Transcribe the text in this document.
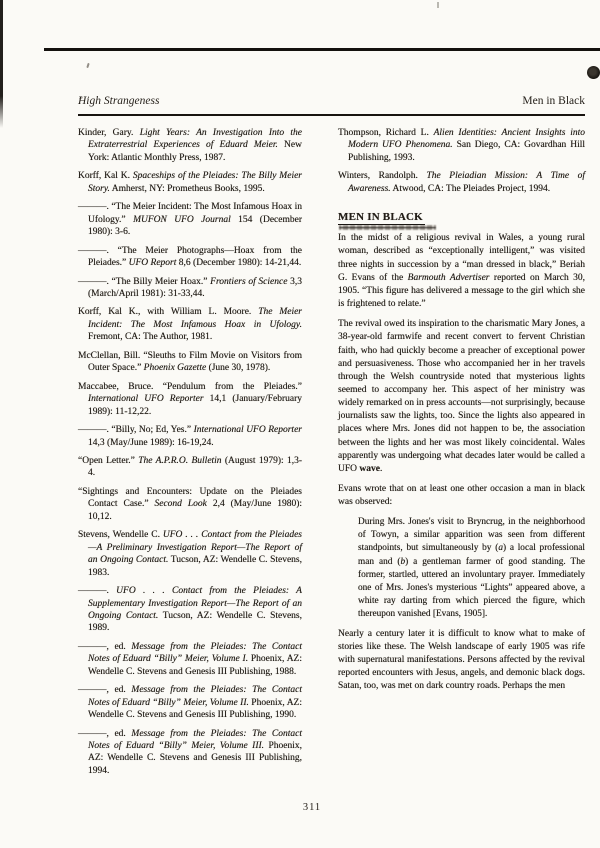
High Strangeness	Men in Black

Kinder, Gary. Light Years: An Investigation Into the Extraterrestrial Experiences of Eduard Meier. New York: Atlantic Monthly Press, 1987.

Korff, Kal K. Spaceships of the Pleiades: The Billy Meier Story. Amherst, NY: Prometheus Books, 1995.

———. “The Meier Incident: The Most Infamous Hoax in Ufology.” MUFON UFO Journal 154 (December 1980): 3-6.

———. “The Meier Photographs—Hoax from the Pleiades.” UFO Report 8,6 (December 1980): 14-21,44.

———. “The Billy Meier Hoax.” Frontiers of Science 3,3 (March/April 1981): 31-33,44.

Korff, Kal K., with William L. Moore. The Meier Incident: The Most Infamous Hoax in Ufology. Fremont, CA: The Author, 1981.

McClellan, Bill. “Sleuths to Film Movie on Visitors from Outer Space.” Phoenix Gazette (June 30, 1978).

Maccabee, Bruce. “Pendulum from the Pleiades.” International UFO Reporter 14,1 (January/February 1989): 11-12,22.

———. “Billy, No; Ed, Yes.” International UFO Reporter 14,3 (May/June 1989): 16-19,24.

“Open Letter.” The A.P.R.O. Bulletin (August 1979): 1,3-4.

“Sightings and Encounters: Update on the Pleiades Contact Case.” Second Look 2,4 (May/June 1980): 10,12.

Stevens, Wendelle C. UFO . . . Contact from the Pleiades—A Preliminary Investigation Report—The Report of an Ongoing Contact. Tucson, AZ: Wendelle C. Stevens, 1983.

———. UFO . . . Contact from the Pleiades: A Supplementary Investigation Report—The Report of an Ongoing Contact. Tucson, AZ: Wendelle C. Stevens, 1989.

———, ed. Message from the Pleiades: The Contact Notes of Eduard “Billy” Meier, Volume I. Phoenix, AZ: Wendelle C. Stevens and Genesis III Publishing, 1988.

———, ed. Message from the Pleiades: The Contact Notes of Eduard “Billy” Meier, Volume II. Phoenix, AZ: Wendelle C. Stevens and Genesis III Publishing, 1990.

———, ed. Message from the Pleiades: The Contact Notes of Eduard “Billy” Meier, Volume III. Phoenix, AZ: Wendelle C. Stevens and Genesis III Publishing, 1994.

Thompson, Richard L. Alien Identities: Ancient Insights into Modern UFO Phenomena. San Diego, CA: Govardhan Hill Publishing, 1993.

Winters, Randolph. The Pleiadian Mission: A Time of Awareness. Atwood, CA: The Pleiades Project, 1994.

MEN IN BLACK

In the midst of a religious revival in Wales, a young rural woman, described as “exceptionally intelligent,” was visited three nights in succession by a “man dressed in black,” Beriah G. Evans of the Barmouth Advertiser reported on March 30, 1905. “This figure has delivered a message to the girl which she is frightened to relate.”

The revival owed its inspiration to the charismatic Mary Jones, a 38-year-old farmwife and recent convert to fervent Christian faith, who had quickly become a preacher of exceptional power and persuasiveness. Those who accompanied her in her travels through the Welsh countryside noted that mysterious lights seemed to accompany her. This aspect of her ministry was widely remarked on in press accounts—not surprisingly, because journalists saw the lights, too. Since the lights also appeared in places where Mrs. Jones did not happen to be, the association between the lights and her was most likely coincidental. Wales apparently was undergoing what decades later would be called a UFO wave.

Evans wrote that on at least one other occasion a man in black was observed:

During Mrs. Jones's visit to Bryncrug, in the neighborhood of Towyn, a similar apparition was seen from different standpoints, but simultaneously by (a) a local professional man and (b) a gentleman farmer of good standing. The former, startled, uttered an involuntary prayer. Immediately one of Mrs. Jones's mysterious “Lights” appeared above, a white ray darting from which pierced the figure, which thereupon vanished [Evans, 1905].

Nearly a century later it is difficult to know what to make of stories like these. The Welsh landscape of early 1905 was rife with supernatural manifestations. Persons affected by the revival reported encounters with Jesus, angels, and demonic black dogs. Satan, too, was met on dark country roads. Perhaps the men

311
